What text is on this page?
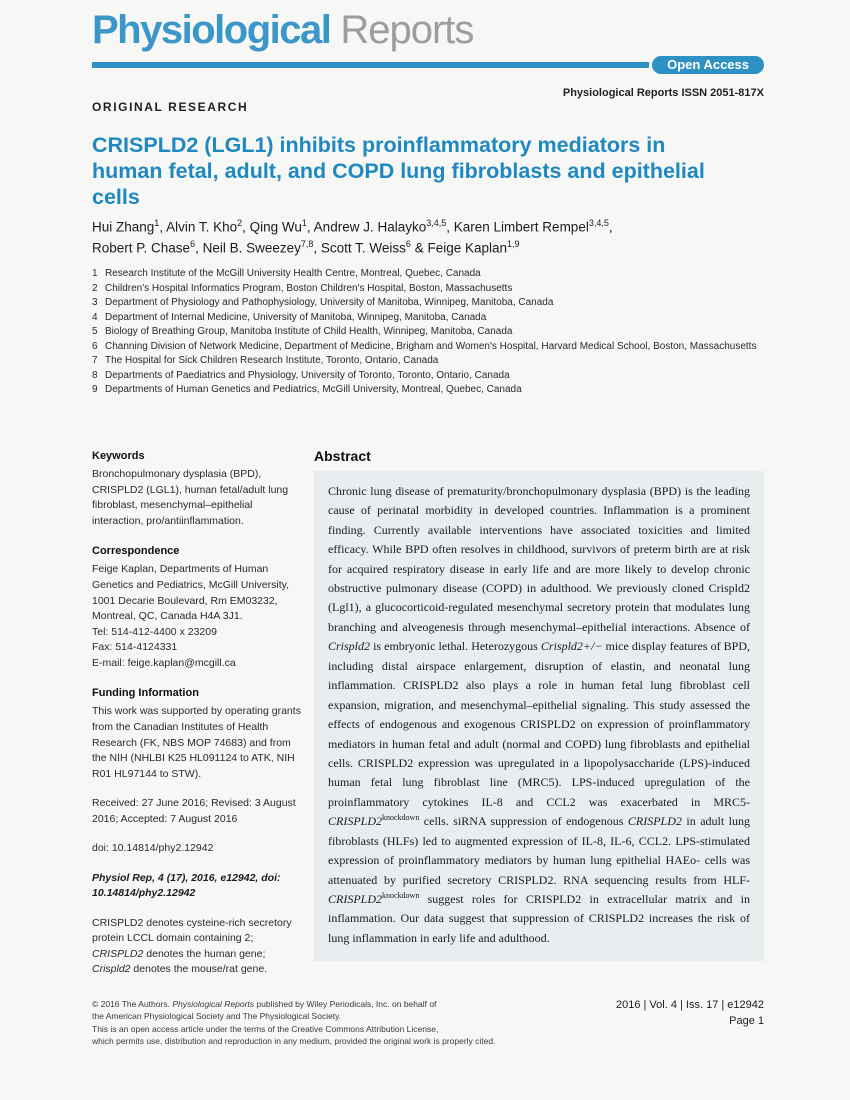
Physiological Reports
Open Access
Physiological Reports ISSN 2051-817X
ORIGINAL RESEARCH
CRISPLD2 (LGL1) inhibits proinflammatory mediators in human fetal, adult, and COPD lung fibroblasts and epithelial cells
Hui Zhang$^1$, Alvin T. Kho$^2$, Qing Wu$^1$, Andrew J. Halayko$^{3,4,5}$, Karen Limbert Rempel$^{3,4,5}$,
Robert P. Chase$^6$, Neil B. Sweezey$^{7,8}$, Scott T. Weiss$^6$ & Feige Kaplan$^{1,9}$
1 Research Institute of the McGill University Health Centre, Montreal, Quebec, Canada
2 Children's Hospital Informatics Program, Boston Children's Hospital, Boston, Massachusetts
3 Department of Physiology and Pathophysiology, University of Manitoba, Winnipeg, Manitoba, Canada
4 Department of Internal Medicine, University of Manitoba, Winnipeg, Manitoba, Canada
5 Biology of Breathing Group, Manitoba Institute of Child Health, Winnipeg, Manitoba, Canada
6 Channing Division of Network Medicine, Department of Medicine, Brigham and Women's Hospital, Harvard Medical School, Boston, Massachusetts
7 The Hospital for Sick Children Research Institute, Toronto, Ontario, Canada
8 Departments of Paediatrics and Physiology, University of Toronto, Toronto, Ontario, Canada
9 Departments of Human Genetics and Pediatrics, McGill University, Montreal, Quebec, Canada
Keywords
Bronchopulmonary dysplasia (BPD), CRISPLD2 (LGL1), human fetal/adult lung fibroblast, mesenchymal–epithelial interaction, pro/antiinflammation.
Correspondence
Feige Kaplan, Departments of Human Genetics and Pediatrics, McGill University, 1001 Decarie Boulevard, Rm EM03232, Montreal, QC, Canada H4A 3J1.
Tel: 514-412-4400 x 23209
Fax: 514-4124331
E-mail: feige.kaplan@mcgill.ca
Funding Information
This work was supported by operating grants from the Canadian Institutes of Health Research (FK, NBS MOP 74683) and from the NIH (NHLBI K25 HL091124 to ATK, NIH R01 HL97144 to STW).
Received: 27 June 2016; Revised: 3 August 2016; Accepted: 7 August 2016
doi: 10.14814/phy2.12942
Physiol Rep, 4 (17), 2016, e12942, doi: 10.14814/phy2.12942
CRISPLD2 denotes cysteine-rich secretory protein LCCL domain containing 2; CRISPLD2 denotes the human gene; Crispld2 denotes the mouse/rat gene.
Abstract
Chronic lung disease of prematurity/bronchopulmonary dysplasia (BPD) is the leading cause of perinatal morbidity in developed countries. Inflammation is a prominent finding. Currently available interventions have associated toxicities and limited efficacy. While BPD often resolves in childhood, survivors of preterm birth are at risk for acquired respiratory disease in early life and are more likely to develop chronic obstructive pulmonary disease (COPD) in adulthood. We previously cloned Crispld2 (Lgl1), a glucocorticoid-regulated mesenchymal secretory protein that modulates lung branching and alveogenesis through mesenchymal–epithelial interactions. Absence of Crispld2 is embryonic lethal. Heterozygous Crispld2+/− mice display features of BPD, including distal airspace enlargement, disruption of elastin, and neonatal lung inflammation. CRISPLD2 also plays a role in human fetal lung fibroblast cell expansion, migration, and mesenchymal–epithelial signaling. This study assessed the effects of endogenous and exogenous CRISPLD2 on expression of proinflammatory mediators in human fetal and adult (normal and COPD) lung fibroblasts and epithelial cells. CRISPLD2 expression was upregulated in a lipopolysaccharide (LPS)-induced human fetal lung fibroblast line (MRC5). LPS-induced upregulation of the proinflammatory cytokines IL-8 and CCL2 was exacerbated in $MRC5-CRISPLD2^{knockdown}$ cells. siRNA suppression of endogenous CRISPLD2 in adult lung fibroblasts (HLFs) led to augmented expression of IL-8, IL-6, CCL2. LPS-stimulated expression of proinflammatory mediators by human lung epithelial HAEo- cells was attenuated by purified secretory CRISPLD2. RNA sequencing results from HLF-$CRISPLD2^{knockdown}$ suggest roles for CRISPLD2 in extracellular matrix and in inflammation. Our data suggest that suppression of CRISPLD2 increases the risk of lung inflammation in early life and adulthood.
© 2016 The Authors. Physiological Reports published by Wiley Periodicals, Inc. on behalf of
the American Physiological Society and The Physiological Society.
This is an open access article under the terms of the Creative Commons Attribution License,
which permits use, distribution and reproduction in any medium, provided the original work is properly cited.
2016 | Vol. 4 | Iss. 17 | e12942
Page 1
